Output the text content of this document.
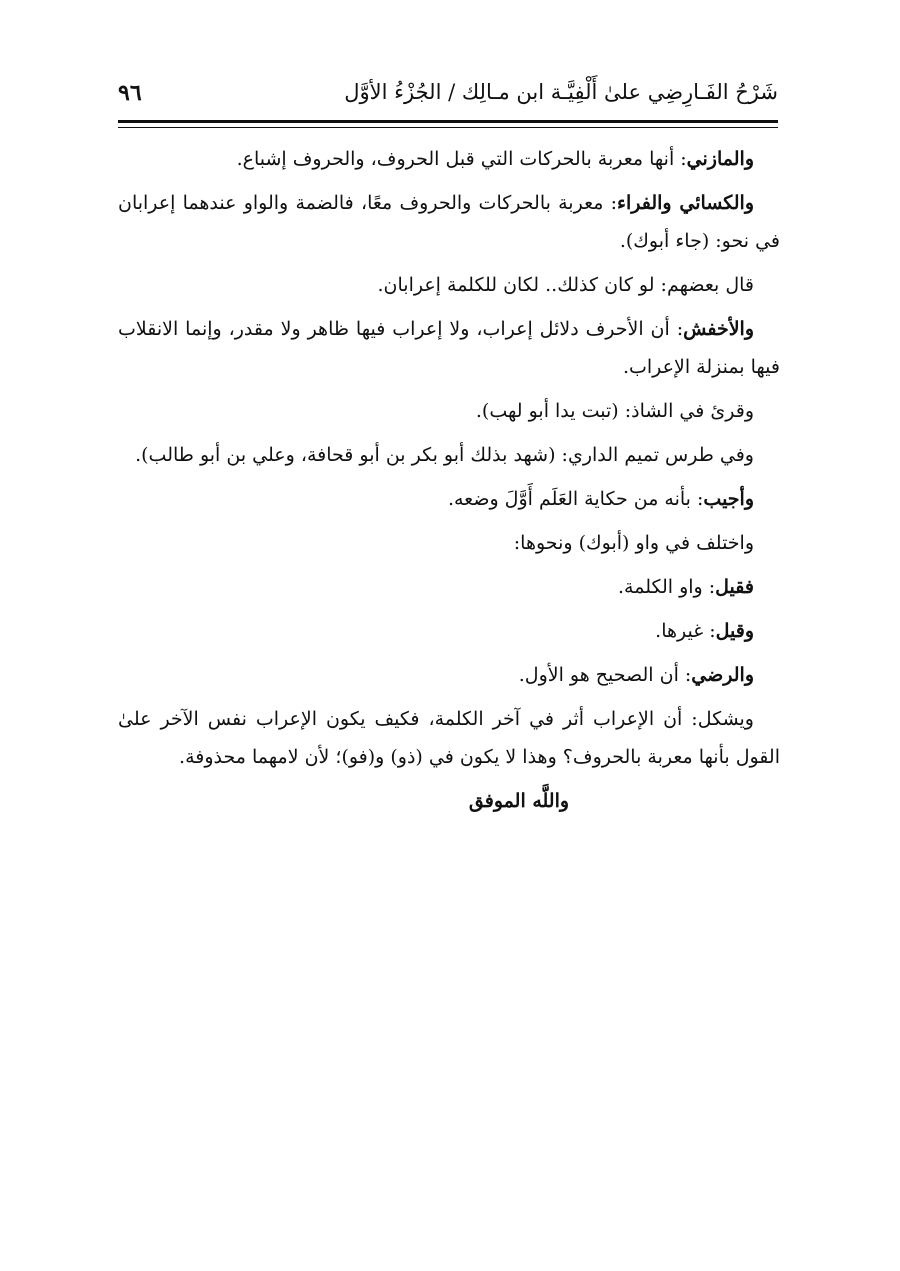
شَرْحُ الفَـارِضِي علىٰ أَلْفِيَّـة ابن مـالِك / الجُزْءُ الأوَّل
٩٦

والمازني: أنها معربة بالحركات التي قبل الحروف، والحروف إشباع.

والكسائي والفراء: معربة بالحركات والحروف معًا، فالضمة والواو عندهما إعرابان في نحو: (جاء أبوك).

قال بعضهم: لو كان كذلك.. لكان للكلمة إعرابان.

والأخفش: أن الأحرف دلائل إعراب، ولا إعراب فيها ظاهر ولا مقدر، وإنما الانقلاب فيها بمنزلة الإعراب.

وقرئ في الشاذ: (تبت يدا أبو لهب).

وفي طرس تميم الداري: (شهد بذلك أبو بكر بن أبو قحافة، وعلي بن أبو طالب).

وأجيب: بأنه من حكاية العَلَم أَوَّلَ وضعه.

واختلف في واو (أبوك) ونحوها:

فقيل: واو الكلمة.

وقيل: غيرها.

والرضي: أن الصحيح هو الأول.

ويشكل: أن الإعراب أثر في آخر الكلمة، فكيف يكون الإعراب نفس الآخر علىٰ القول بأنها معربة بالحروف؟ وهذا لا يكون في (ذو) و(فو)؛ لأن لامهما محذوفة.

واللَّه الموفق
